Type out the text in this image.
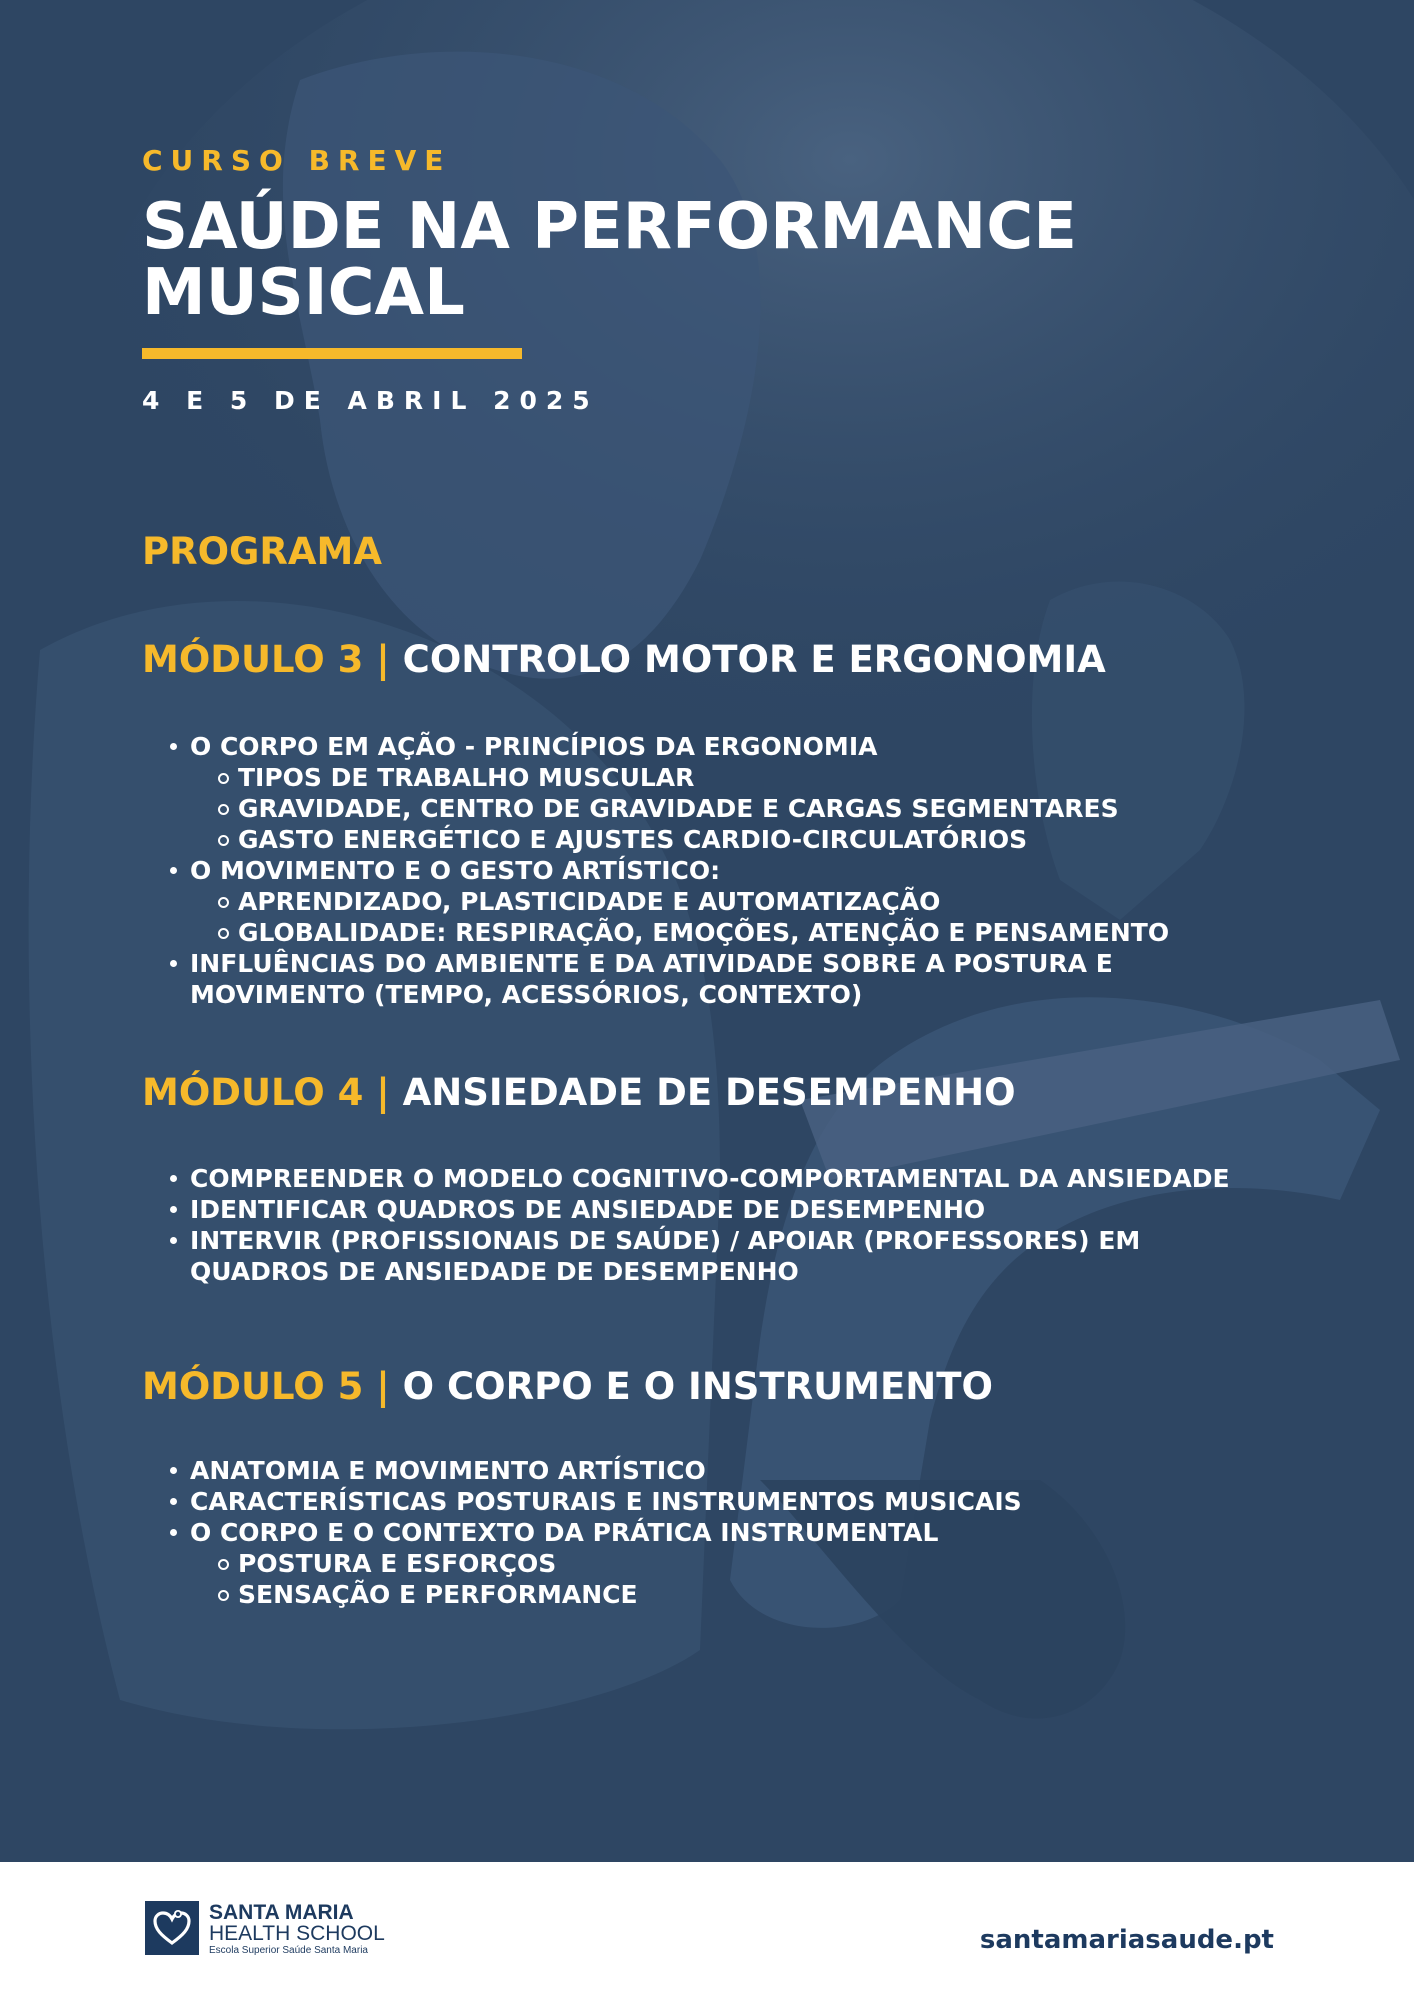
CURSO BREVE
SAÚDE NA PERFORMANCE
MUSICAL
4 E 5 DE ABRIL 2025
PROGRAMA
MÓDULO 3 | CONTROLO MOTOR E ERGONOMIA
O CORPO EM AÇÃO - PRINCÍPIOS DA ERGONOMIA
TIPOS DE TRABALHO MUSCULAR
GRAVIDADE, CENTRO DE GRAVIDADE E CARGAS SEGMENTARES
GASTO ENERGÉTICO E AJUSTES CARDIO-CIRCULATÓRIOS
O MOVIMENTO E O GESTO ARTÍSTICO:
APRENDIZADO, PLASTICIDADE E AUTOMATIZAÇÃO
GLOBALIDADE: RESPIRAÇÃO, EMOÇÕES, ATENÇÃO E PENSAMENTO
INFLUÊNCIAS DO AMBIENTE E DA ATIVIDADE SOBRE A POSTURA E MOVIMENTO (TEMPO, ACESSÓRIOS, CONTEXTO)
MÓDULO 4 | ANSIEDADE DE DESEMPENHO
COMPREENDER O MODELO COGNITIVO-COMPORTAMENTAL DA ANSIEDADE
IDENTIFICAR QUADROS DE ANSIEDADE DE DESEMPENHO
INTERVIR (PROFISSIONAIS DE SAÚDE) / APOIAR (PROFESSORES) EM QUADROS DE ANSIEDADE DE DESEMPENHO
MÓDULO 5 | O CORPO E O INSTRUMENTO
ANATOMIA E MOVIMENTO ARTÍSTICO
CARACTERÍSTICAS POSTURAIS E INSTRUMENTOS MUSICAIS
O CORPO E O CONTEXTO DA PRÁTICA INSTRUMENTAL
POSTURA E ESFORÇOS
SENSAÇÃO E PERFORMANCE
SANTA MARIA
HEALTH SCHOOL
Escola Superior Saúde Santa Maria	santamariasaude.pt
